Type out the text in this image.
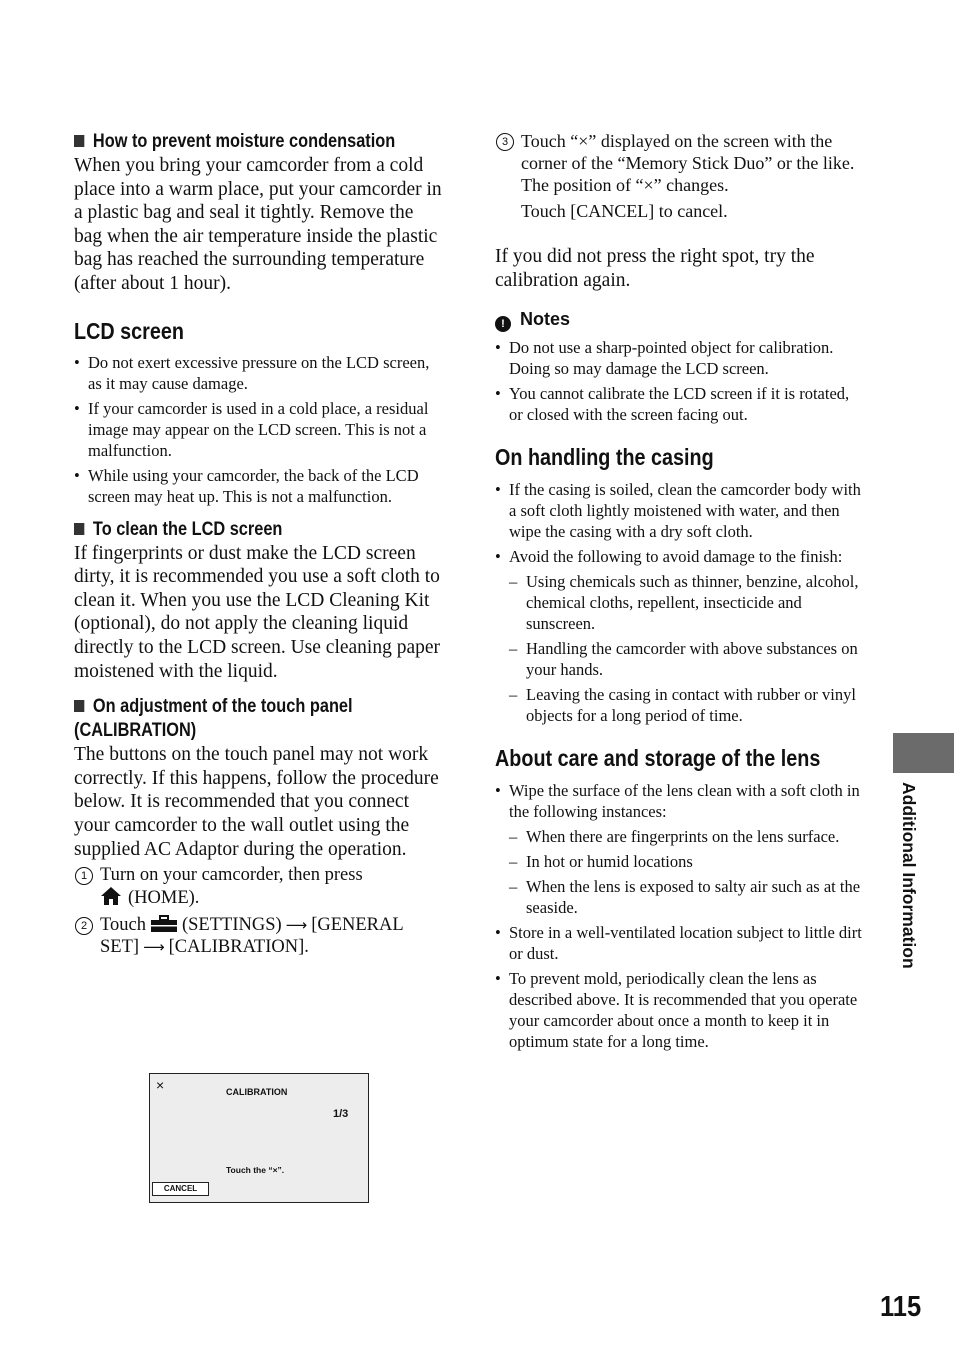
How to prevent moisture condensation

When you bring your camcorder from a cold place into a warm place, put your camcorder in a plastic bag and seal it tightly. Remove the bag when the air temperature inside the plastic bag has reached the surrounding temperature (after about 1 hour).

LCD screen
• Do not exert excessive pressure on the LCD screen, as it may cause damage.
• If your camcorder is used in a cold place, a residual image may appear on the LCD screen. This is not a malfunction.
• While using your camcorder, the back of the LCD screen may heat up. This is not a malfunction.
To clean the LCD screen

If fingerprints or dust make the LCD screen dirty, it is recommended you use a soft cloth to clean it. When you use the LCD Cleaning Kit (optional), do not apply the cleaning liquid directly to the LCD screen. Use cleaning paper moistened with the liquid.

On adjustment of the touch panel (CALIBRATION)

The buttons on the touch panel may not work correctly. If this happens, follow the procedure below. It is recommended that you connect your camcorder to the wall outlet using the supplied AC Adaptor during the operation.

1 Turn on your camcorder, then press
(HOME).

2 Touch (SETTINGS) ⟶ [GENERAL SET] ⟶ [CALIBRATION].

×	CALIBRATION
1/3
Touch the “×”.
CANCEL

3 Touch “×” displayed on the screen with the corner of the “Memory Stick Duo” or the like. The position of “×” changes.

Touch [CANCEL] to cancel.

If you did not press the right spot, try the calibration again.

! Notes

• Do not use a sharp-pointed object for calibration. Doing so may damage the LCD screen.
• You cannot calibrate the LCD screen if it is rotated, or closed with the screen facing out.
On handling the casing
• If the casing is soiled, clean the camcorder body with a soft cloth lightly moistened with water, and then wipe the casing with a dry soft cloth.
• Avoid the following to avoid damage to the finish:
– Using chemicals such as thinner, benzine, alcohol, chemical cloths, repellent, insecticide and sunscreen.
– Handling the camcorder with above substances on your hands.
– Leaving the casing in contact with rubber or vinyl objects for a long period of time.
About care and storage of the lens
• Wipe the surface of the lens clean with a soft cloth in the following instances:
– When there are fingerprints on the lens surface.
– In hot or humid locations
– When the lens is exposed to salty air such as at the seaside.
• Store in a well-ventilated location subject to little dirt or dust.
• To prevent mold, periodically clean the lens as described above. It is recommended that you operate your camcorder about once a month to keep it in optimum state for a long time.
Additional Information
115
